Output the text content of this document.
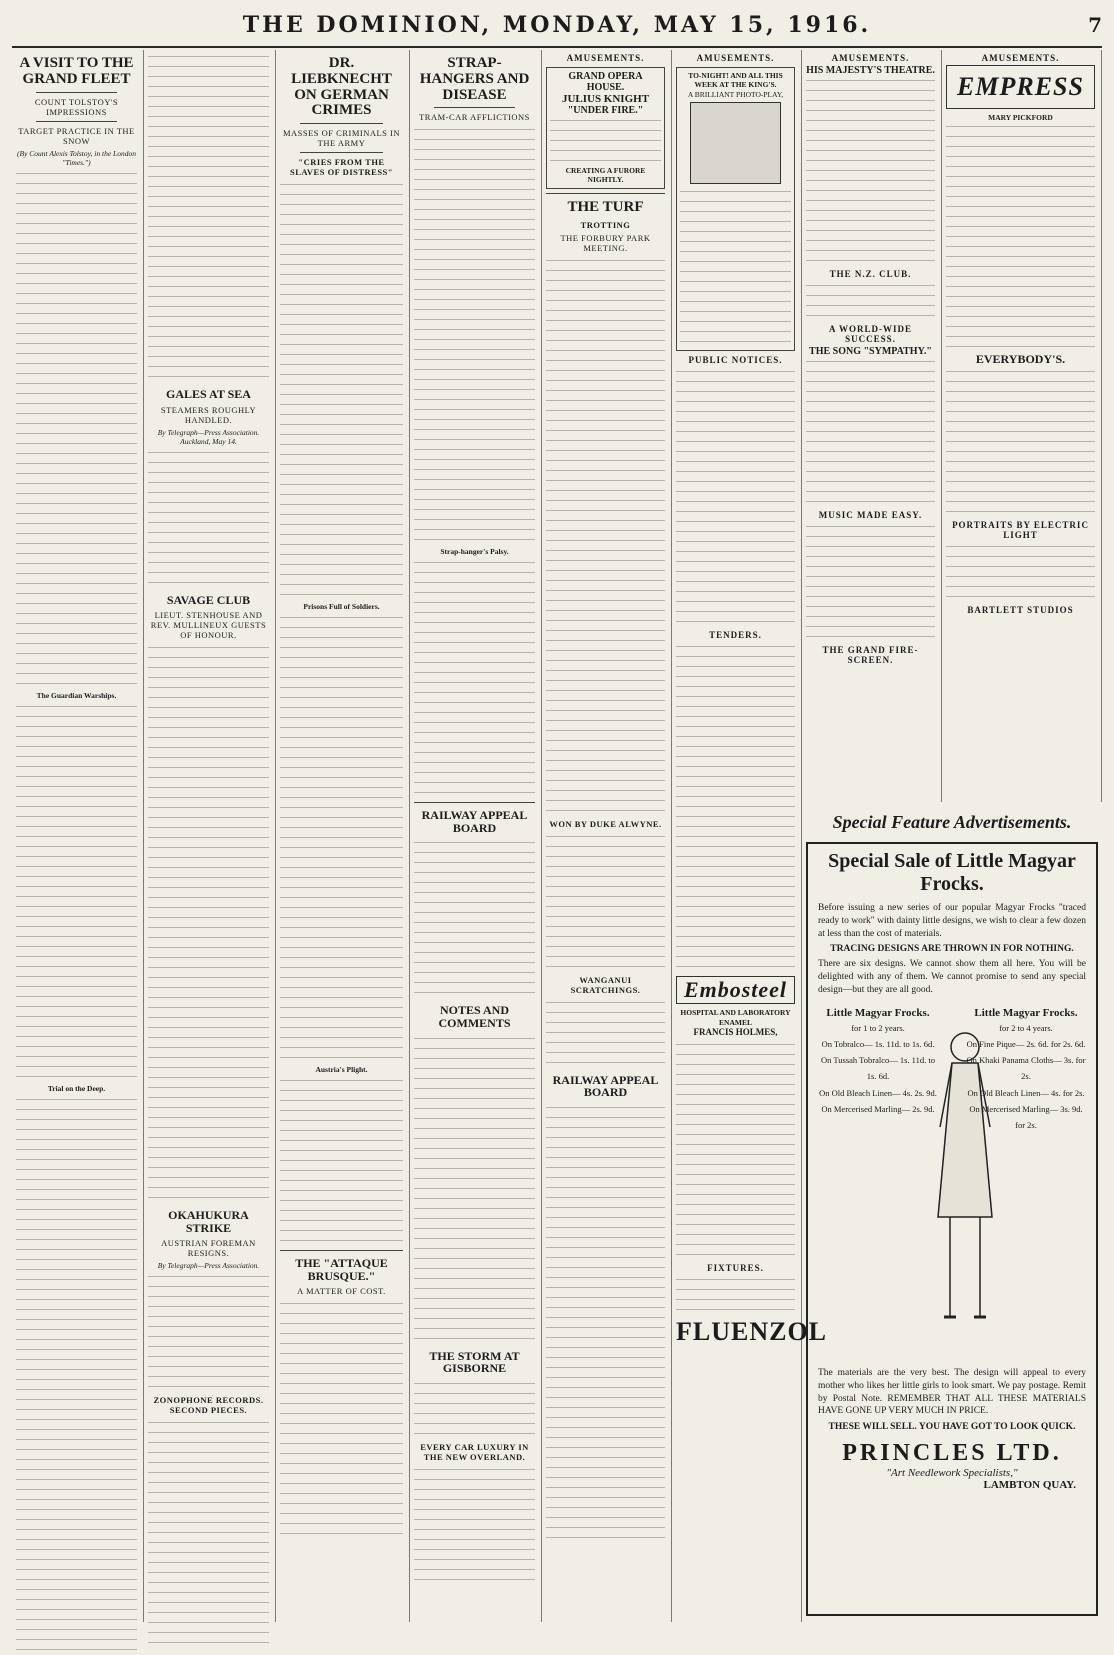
THE DOMINION, MONDAY, MAY 15, 1916.	7
A VISIT TO THE GRAND FLEET
COUNT TOLSTOY'S IMPRESSIONS
TARGET PRACTICE IN THE SNOW
(By Count Alexis Tolstoy, in the London "Times.")
The Guardian Warships.
Trial on the Deep.
GALES AT SEA
STEAMERS ROUGHLY HANDLED.
By Telegraph—Press Association. Auckland, May 14.
SAVAGE CLUB
LIEUT. STENHOUSE AND REV. MULLINEUX GUESTS OF HONOUR.
OKAHUKURA STRIKE
AUSTRIAN FOREMAN RESIGNS.
By Telegraph—Press Association.
ZONOPHONE RECORDS. SECOND PIECES.
DR. LIEBKNECHT ON GERMAN CRIMES
MASSES OF CRIMINALS IN THE ARMY
"CRIES FROM THE SLAVES OF DISTRESS"
Prisons Full of Soldiers.
Austria's Plight.
THE "ATTAQUE BRUSQUE."
A MATTER OF COST.
STRAP-HANGERS AND DISEASE
TRAM-CAR AFFLICTIONS
Strap-hanger's Palsy.
RAILWAY APPEAL BOARD
NOTES AND COMMENTS
THE STORM AT GISBORNE
EVERY CAR LUXURY IN THE NEW OVERLAND.
AMUSEMENTS.
GRAND OPERA HOUSE.
JULIUS KNIGHT
"UNDER FIRE."
CREATING A FURORE NIGHTLY.
THE TURF
TROTTING
THE FORBURY PARK MEETING.
WON BY DUKE ALWYNE.
WANGANUI SCRATCHINGS.
RAILWAY APPEAL BOARD
AMUSEMENTS.
TO-NIGHT! AND ALL THIS WEEK AT THE KING'S.
A BRILLIANT PHOTO-PLAY,
PUBLIC NOTICES.
TENDERS.
Embosteel
HOSPITAL AND LABORATORY ENAMEL
FRANCIS HOLMES,
FIXTURES.
FLUENZOL
AMUSEMENTS.
HIS MAJESTY'S THEATRE.
THE N.Z. CLUB.
A WORLD-WIDE SUCCESS.
THE SONG "SYMPATHY."
MUSIC MADE EASY.
THE GRAND FIRE-SCREEN.
AMUSEMENTS.
EMPRESS
MARY PICKFORD
EVERYBODY'S.
PORTRAITS BY ELECTRIC LIGHT
BARTLETT STUDIOS
Special Feature Advertisements.
Special Sale of Little Magyar Frocks.
Before issuing a new series of our popular Magyar Frocks "traced ready to work" with dainty little designs, we wish to clear a few dozen at less than the cost of materials.
TRACING DESIGNS ARE THROWN IN FOR NOTHING.
There are six designs. We cannot show them all here. You will be delighted with any of them. We cannot promise to send any special design—but they are all good.
Little Magyar Frocks.
for 1 to 2 years.
On Tobralco— 1s. 11d. to 1s. 6d.
On Tussah Tobralco— 1s. 11d. to 1s. 6d.
On Old Bleach Linen— 4s. 2s. 9d.
On Mercerised Marling— 2s. 9d.
Little Magyar Frocks.
for 2 to 4 years.
On Fine Pique— 2s. 6d. for 2s. 6d.
On Khaki Panama Cloths— 3s. for 2s.
On Old Bleach Linen— 4s. for 2s.
On Mercerised Marling— 3s. 9d. for 2s.
The materials are the very best. The design will appeal to every mother who likes her little girls to look smart. We pay postage. Remit by Postal Note. REMEMBER THAT ALL THESE MATERIALS HAVE GONE UP VERY MUCH IN PRICE.
THESE WILL SELL. YOU HAVE GOT TO LOOK QUICK.
PRINCLES LTD.
"Art Needlework Specialists,"
LAMBTON QUAY.
